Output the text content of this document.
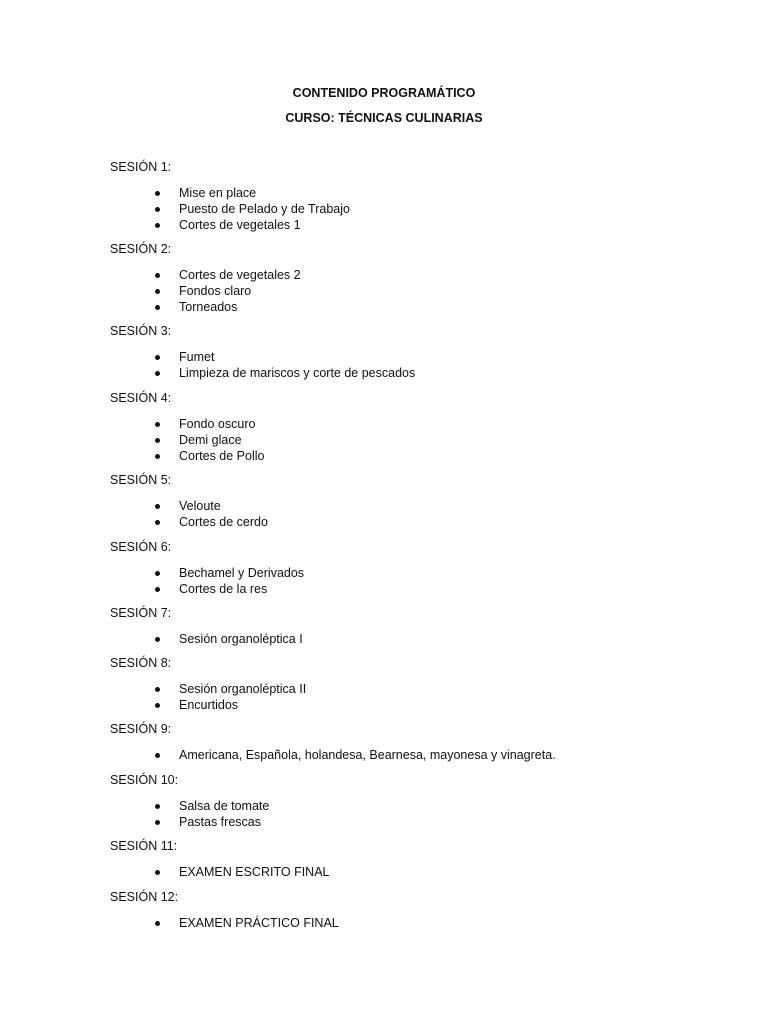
CONTENIDO PROGRAMÁTICO
CURSO: TÉCNICAS CULINARIAS
SESIÓN 1:
Mise en place
Puesto de Pelado y de Trabajo
Cortes de vegetales 1
SESIÓN 2:
Cortes de vegetales 2
Fondos claro
Torneados
SESIÓN 3:
Fumet
Limpieza de mariscos y corte de pescados
SESIÓN 4:
Fondo oscuro
Demi glace
Cortes de Pollo
SESIÓN 5:
Veloute
Cortes de cerdo
SESIÓN 6:
Bechamel y Derivados
Cortes de la res
SESIÓN 7:
Sesión organoléptica I
SESIÓN 8:
Sesión organoléptica II
Encurtidos
SESIÓN 9:
Americana, Española, holandesa, Bearnesa, mayonesa y vinagreta.
SESIÓN 10:
Salsa de tomate
Pastas frescas
SESIÓN 11:
EXAMEN ESCRITO FINAL
SESIÓN 12:
EXAMEN PRÁCTICO FINAL
